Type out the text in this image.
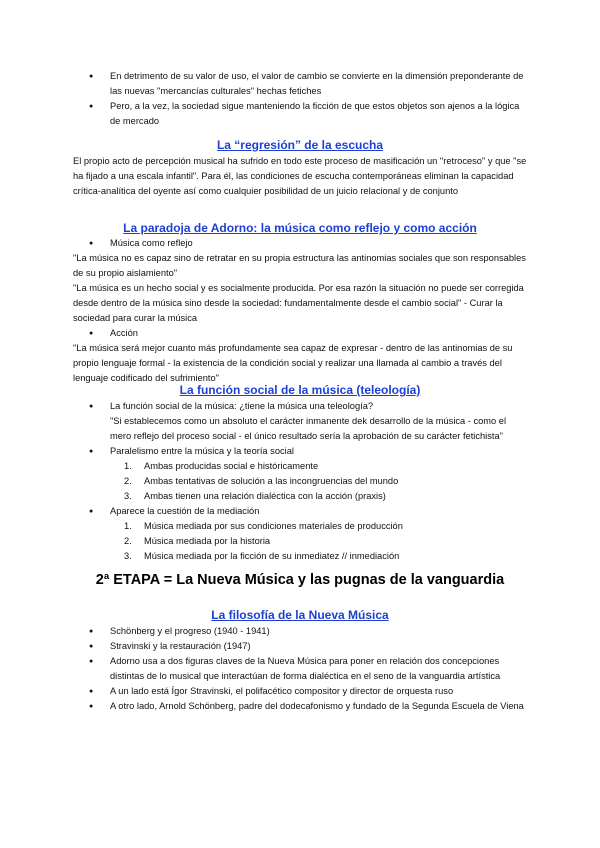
● En detrimento de su valor de uso, el valor de cambio se convierte en la dimensión preponderante de las nuevas "mercancías culturales" hechas fetiches
● Pero, a la vez, la sociedad sigue manteniendo la ficción de que estos objetos son ajenos a la lógica de mercado

La “regresión” de la escucha

El propio acto de percepción musical ha sufrido en todo este proceso de masificación un "retroceso" y que "se ha fijado a una escala infantil". Para él, las condiciones de escucha contemporáneas eliminan la capacidad crítica-analítica del oyente así como cualquier posibilidad de un juicio relacional y de conjunto

La paradoja de Adorno: la música como reflejo y como acción

● Música como reflejo

"La música no es capaz sino de retratar en su propia estructura las antinomias sociales que son responsables de su propio aislamiento"

"La música es un hecho social y es socialmente producida. Por esa razón la situación no puede ser corregida desde dentro de la música sino desde la sociedad: fundamentalmente desde el cambio social" - Curar la sociedad para curar la música

● Acción

"La música será mejor cuanto más profundamente sea capaz de expresar - dentro de las antinomias de su propio lenguaje formal - la existencia de la condición social y realizar una llamada al cambio a través del lenguaje codificado del sufrimiento"

La función social de la música (teleología)

● La función social de la música: ¿tiene la música una teleología?
"Si establecemos como un absoluto el carácter inmanente dek desarrollo de la música - como el mero reflejo del proceso social - el único resultado sería la aprobación de su carácter fetichista"
● Paralelismo entre la música y la teoría social
1. Ambas producidas social e históricamente
2. Ambas tentativas de solución a las incongruencias del mundo
3. Ambas tienen una relación dialéctica con la acción (praxis)
● Aparece la cuestión de la mediación
1. Música mediada por sus condiciones materiales de producción
2. Música mediada por la historia
3. Música mediada por la ficción de su inmediatez // inmediación

2ª ETAPA = La Nueva Música y las pugnas de la vanguardia

La filosofía de la Nueva Música

● Schönberg y el progreso (1940 - 1941)
● Stravinski y la restauración (1947)
● Adorno usa a dos figuras claves de la Nueva Música para poner en relación dos concepciones distintas de lo musical que interactúan de forma dialéctica en el seno de la vanguardia artística
● A un lado está Ígor Stravinski, el polifacético compositor y director de orquesta ruso
● A otro lado, Arnold Schönberg, padre del dodecafonismo y fundado de la Segunda Escuela de Viena
